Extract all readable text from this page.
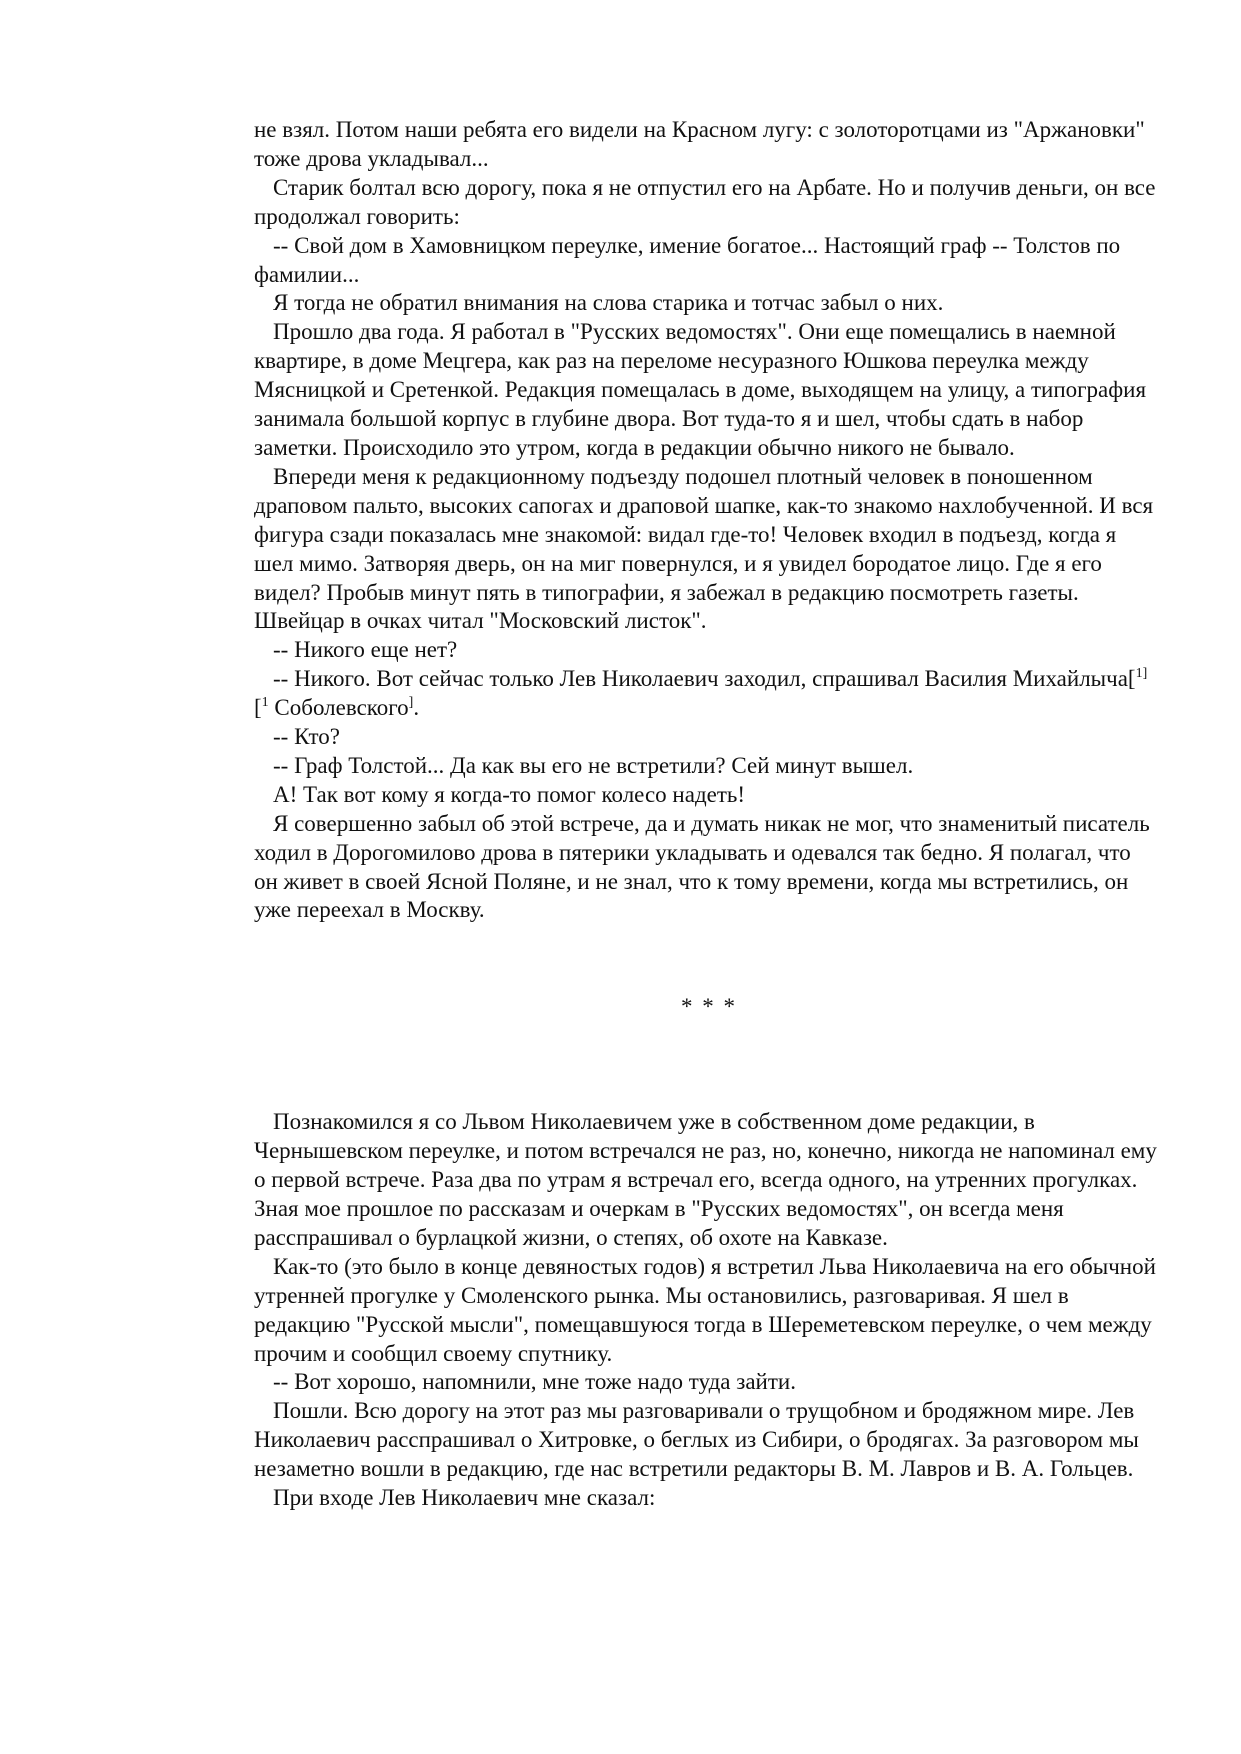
не взял. Потом наши ребята его видели на Красном лугу: с золоторотцами из "Аржановки" тоже дрова укладывал...

Старик болтал всю дорогу, пока я не отпустил его на Арбате. Но и получив деньги, он все продолжал говорить:

-- Свой дом в Хамовницком переулке, имение богатое... Настоящий граф -- Толстов по фамилии...

Я тогда не обратил внимания на слова старика и тотчас забыл о них.

Прошло два года. Я работал в "Русских ведомостях". Они еще помещались в наемной квартире, в доме Мецгера, как раз на переломе несуразного Юшкова переулка между Мясницкой и Сретенкой. Редакция помещалась в доме, выходящем на улицу, а типография занимала большой корпус в глубине двора. Вот туда-то я и шел, чтобы сдать в набор заметки. Происходило это утром, когда в редакции обычно никого не бывало.

Впереди меня к редакционному подъезду подошел плотный человек в поношенном драповом пальто, высоких сапогах и драповой шапке, как-то знакомо нахлобученной. И вся фигура сзади показалась мне знакомой: видал где-то! Человек входил в подъезд, когда я шел мимо. Затворяя дверь, он на миг повернулся, и я увидел бородатое лицо. Где я его видел? Пробыв минут пять в типографии, я забежал в редакцию посмотреть газеты. Швейцар в очках читал "Московский листок".

-- Никого еще нет?

-- Никого. Вот сейчас только Лев Николаевич заходил, спрашивал Василия Михайлыча[$^{1]}$ [$^1$ Соболевского].

-- Кто?

-- Граф Толстой... Да как вы его не встретили? Сей минут вышел.

А! Так вот кому я когда-то помог колесо надеть!

Я совершенно забыл об этой встрече, да и думать никак не мог, что знаменитый писатель ходил в Дорогомилово дрова в пятерики укладывать и одевался так бедно. Я полагал, что он живет в своей Ясной Поляне, и не знал, что к тому времени, когда мы встретились, он уже переехал в Москву.

* * *

Познакомился я со Львом Николаевичем уже в собственном доме редакции, в Чернышевском переулке, и потом встречался не раз, но, конечно, никогда не напоминал ему о первой встрече. Раза два по утрам я встречал его, всегда одного, на утренних прогулках. Зная мое прошлое по рассказам и очеркам в "Русских ведомостях", он всегда меня расспрашивал о бурлацкой жизни, о степях, об охоте на Кавказе.

Как-то (это было в конце девяностых годов) я встретил Льва Николаевича на его обычной утренней прогулке у Смоленского рынка. Мы остановились, разговаривая. Я шел в редакцию "Русской мысли", помещавшуюся тогда в Шереметевском переулке, о чем между прочим и сообщил своему спутнику.

-- Вот хорошо, напомнили, мне тоже надо туда зайти.

Пошли. Всю дорогу на этот раз мы разговаривали о трущобном и бродяжном мире. Лев Николаевич расспрашивал о Хитровке, о беглых из Сибири, о бродягах. За разговором мы незаметно вошли в редакцию, где нас встретили редакторы В. М. Лавров и В. А. Гольцев.

При входе Лев Николаевич мне сказал:
